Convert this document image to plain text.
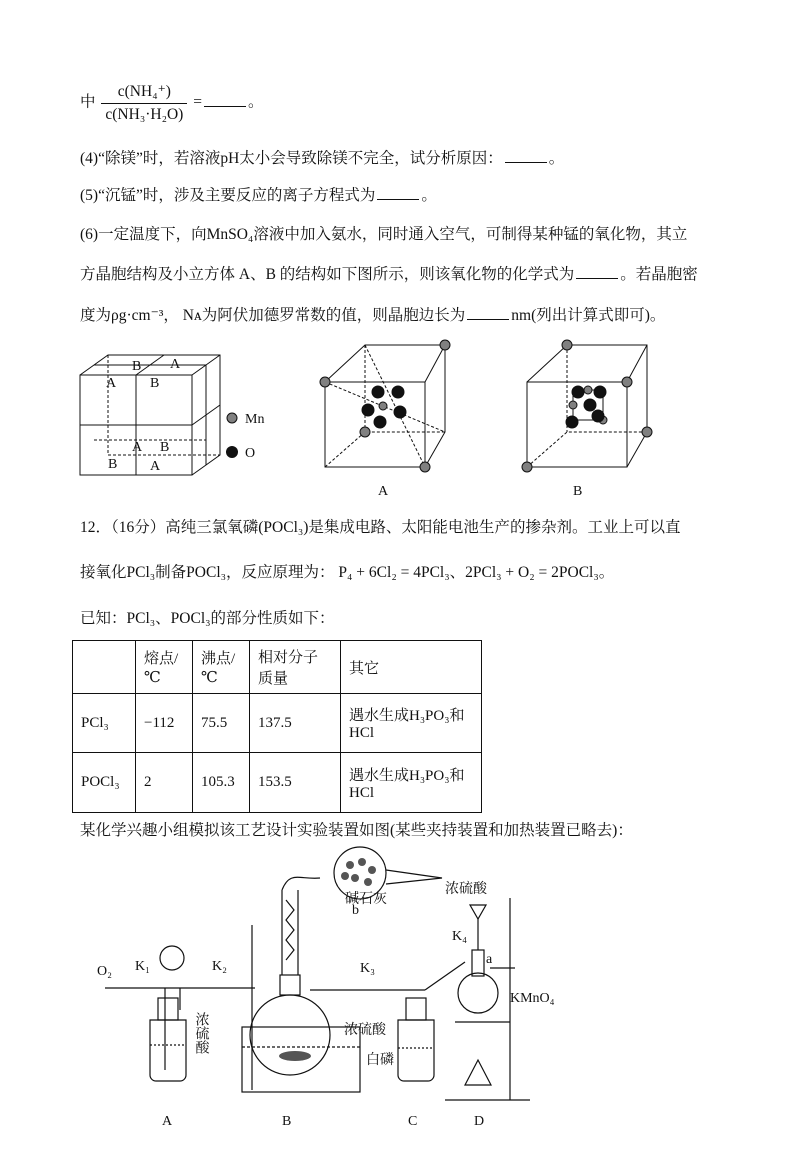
中 $\frac{\text{c(NH₄⁺)}}{\text{c(NH₃·H₂O)}}$ =	。
(4)“除镁”时，若溶液pH太小会导致除镁不完全，试分析原因：	。
(5)“沉锰”时，涉及主要反应的离子方程式为	。
(6)一定温度下，向MnSO₄溶液中加入氨水，同时通入空气，可制得某种锰的氧化物，其立
方晶胞结构及小立方体 A、B 的结构如下图所示，则该氧化物的化学式为	。若晶胞密
度为ρg·cm⁻³， Nᴀ为阿伏加德罗常数的值，则晶胞边长为	nm(列出计算式即可)。
B A
A B
A B
B A
Mn
O
A	B
O₂ K₁	K₂	K₃
K₄
浓硫酸
碱石灰
b
浓硫酸
浓硫酸
a
KMnO₄
白磷
A	B	C	D
12．（16分）高纯三氯氧磷(POCl₃)是集成电路、太阳能电池生产的掺杂剂。工业上可以直
接氧化PCl₃制备POCl₃，反应原理为： P₄ + 6Cl₂ = 4PCl₃、2PCl₃ + O₂ = 2POCl₃。
已知：PCl₃、POCl₃的部分性质如下：
	熔点/℃	沸点/℃	相对分子质量	其它
PCl₃	−112	75.5	137.5	遇水生成H₃PO₃和HCl
POCl₃	2	105.3	153.5	遇水生成H₃PO₃和HCl
某化学兴趣小组模拟该工艺设计实验装置如图(某些夹持装置和加热装置已略去)：
